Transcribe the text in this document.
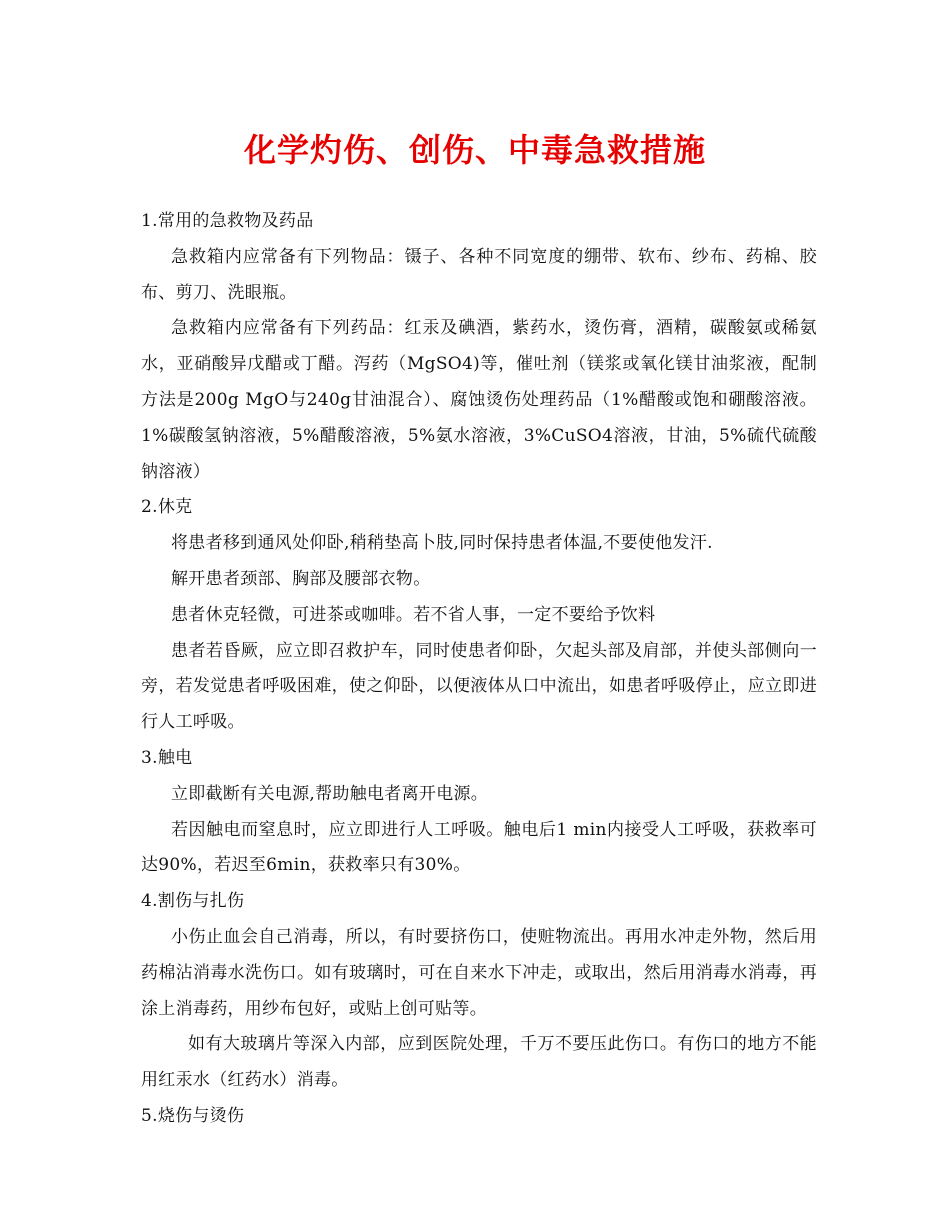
化学灼伤、创伤、中毒急救措施

1.常用的急救物及药品

急救箱内应常备有下列物品：镊子、各种不同宽度的绷带、软布、纱布、药棉、胶布、剪刀、洗眼瓶。

急救箱内应常备有下列药品：红汞及碘酒，紫药水，烫伤膏，酒精，碳酸氨或稀氨水，亚硝酸异戊醋或丁醋。泻药（MgSO4)等，催吐剂（镁浆或氧化镁甘油浆液，配制方法是200g MgO与240g甘油混合）、腐蚀烫伤处理药品（1%醋酸或饱和硼酸溶液。1%碳酸氢钠溶液，5%醋酸溶液，5%氨水溶液，3%CuSO4溶液，甘油，5%硫代硫酸钠溶液）

2.休克

将患者移到通风处仰卧,稍稍垫高卜肢,同时保持患者体温,不要使他发汗.

解开患者颈部、胸部及腰部衣物。

患者休克轻微，可进茶或咖啡。若不省人事，一定不要给予饮料

患者若昏厥，应立即召救护车，同时使患者仰卧，欠起头部及肩部，并使头部侧向一旁，若发觉患者呼吸困难，使之仰卧，以便液体从口中流出，如患者呼吸停止，应立即进行人工呼吸。

3.触电

立即截断有关电源,帮助触电者离开电源。

若因触电而窒息时，应立即进行人工呼吸。触电后1 min内接受人工呼吸，获救率可达90%，若迟至6min，获救率只有30%。

4.割伤与扎伤

小伤止血会自己消毒，所以，有时要挤伤口，使赃物流出。再用水冲走外物，然后用药棉沾消毒水洗伤口。如有玻璃时，可在自来水下冲走，或取出，然后用消毒水消毒，再涂上消毒药，用纱布包好，或贴上创可贴等。

如有大玻璃片等深入内部，应到医院处理，千万不要压此伤口。有伤口的地方不能用红汞水（红药水）消毒。

5.烧伤与烫伤
